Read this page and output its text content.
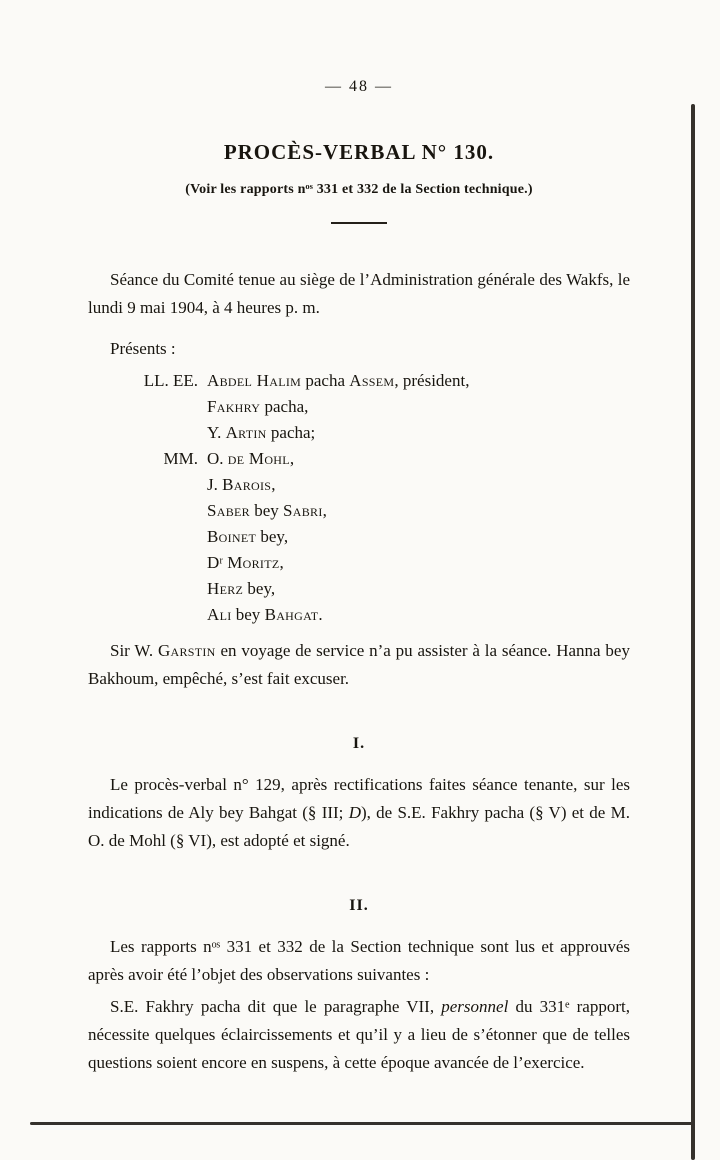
— 48 —
PROCÈS-VERBAL N° 130.
(Voir les rapports nᵒˢ 331 et 332 de la Section technique.)

Séance du Comité tenue au siège de l’Administration générale des Wakfs, le lundi 9 mai 1904, à 4 heures p. m.

Présents :

LL. EE. Abdel Halim pacha Assem, président,
Fakhry pacha,
Y. Artin pacha;
MM. O. de Mohl,
J. Barois,
Saber bey Sabri,
Boinet bey,
Dʳ Moritz,
Herz bey,
Ali bey Bahgat.

Sir W. Garstin en voyage de service n’a pu assister à la séance. Hanna bey Bakhoum, empêché, s’est fait excuser.

I.

Le procès-verbal n° 129, après rectifications faites séance tenante, sur les indications de Aly bey Bahgat (§ III; D), de S.E. Fakhry pacha (§ V) et de M. O. de Mohl (§ VI), est adopté et signé.

II.

Les rapports nᵒˢ 331 et 332 de la Section technique sont lus et approuvés après avoir été l’objet des observations suivantes :

S.E. Fakhry pacha dit que le paragraphe VII, personnel du 331ᵉ rapport, nécessite quelques éclaircissements et qu’il y a lieu de s’étonner que de telles questions soient encore en suspens, à cette époque avancée de l’exercice.
